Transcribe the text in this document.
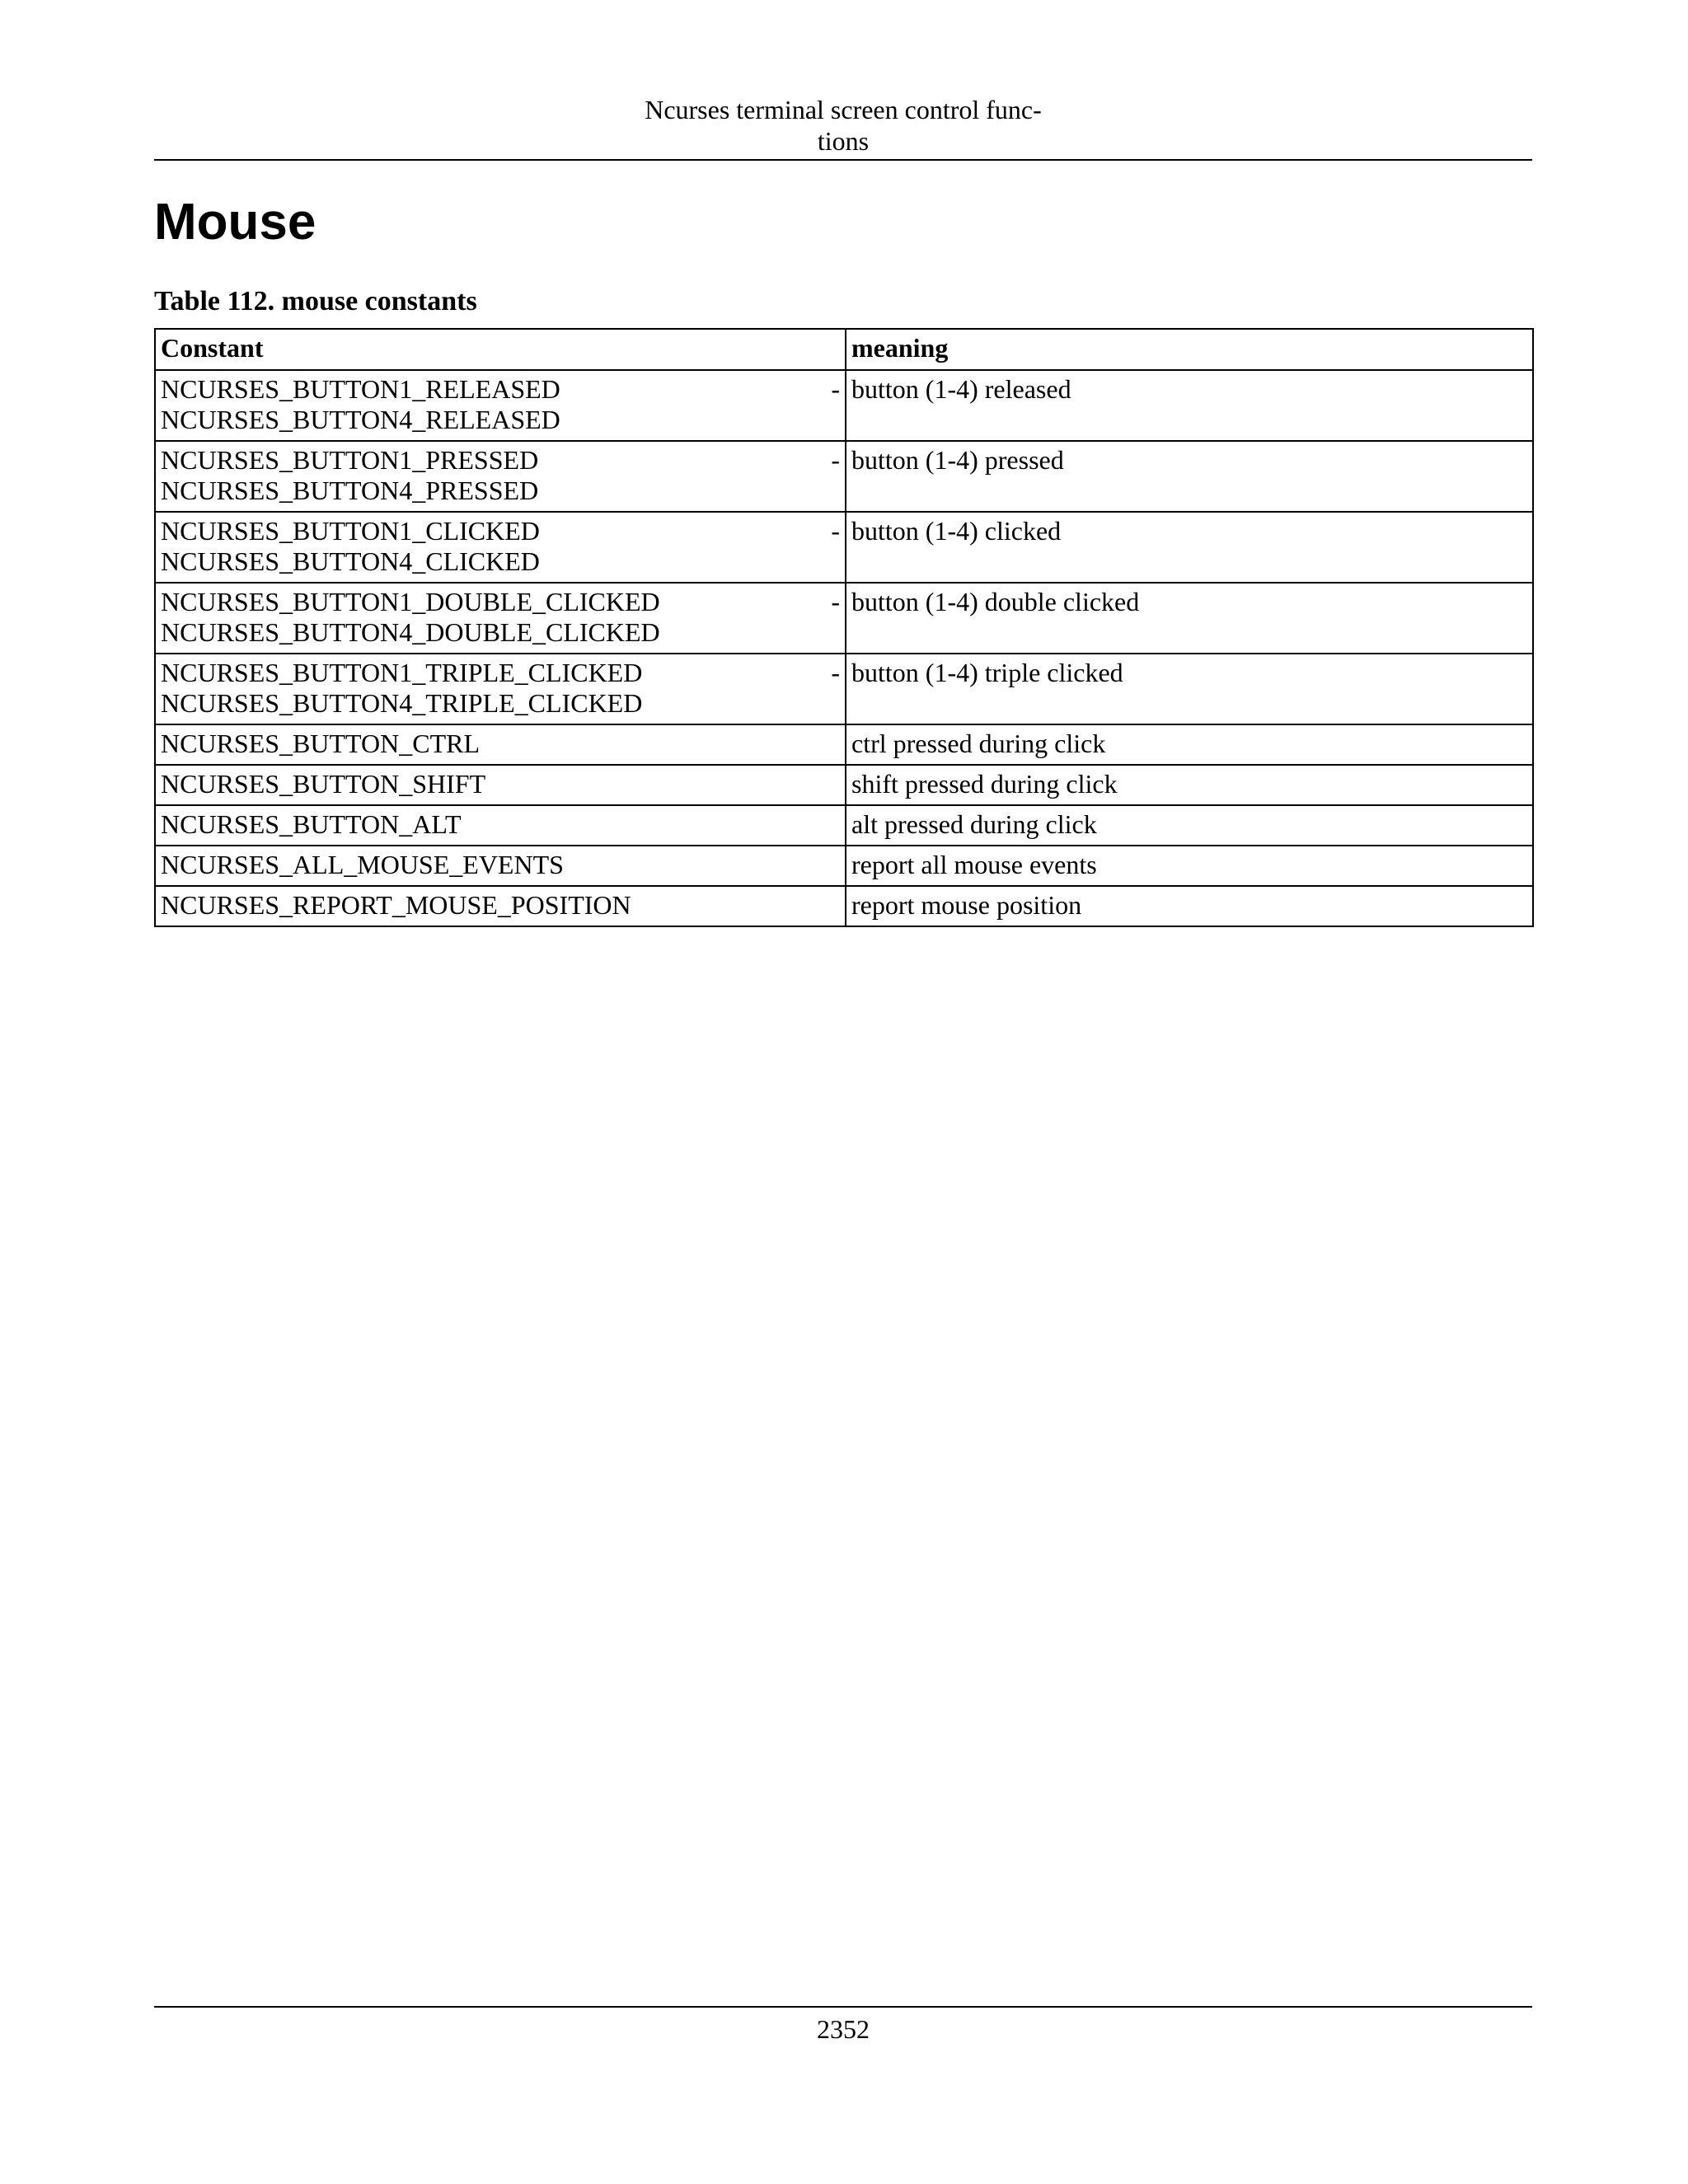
Ncurses terminal screen control func-
tions
Mouse

Table 112. mouse constants

Constant	meaning

NCURSES_BUTTON1_RELEASED -
NCURSES_BUTTON4_RELEASED	button (1-4) released

NCURSES_BUTTON1_PRESSED -
NCURSES_BUTTON4_PRESSED	button (1-4) pressed

NCURSES_BUTTON1_CLICKED -
NCURSES_BUTTON4_CLICKED	button (1-4) clicked

NCURSES_BUTTON1_DOUBLE_CLICKED -
NCURSES_BUTTON4_DOUBLE_CLICKED	button (1-4) double clicked

NCURSES_BUTTON1_TRIPLE_CLICKED -
NCURSES_BUTTON4_TRIPLE_CLICKED	button (1-4) triple clicked

NCURSES_BUTTON_CTRL	ctrl pressed during click

NCURSES_BUTTON_SHIFT	shift pressed during click

NCURSES_BUTTON_ALT	alt pressed during click

NCURSES_ALL_MOUSE_EVENTS	report all mouse events

NCURSES_REPORT_MOUSE_POSITION	report mouse position
2352
